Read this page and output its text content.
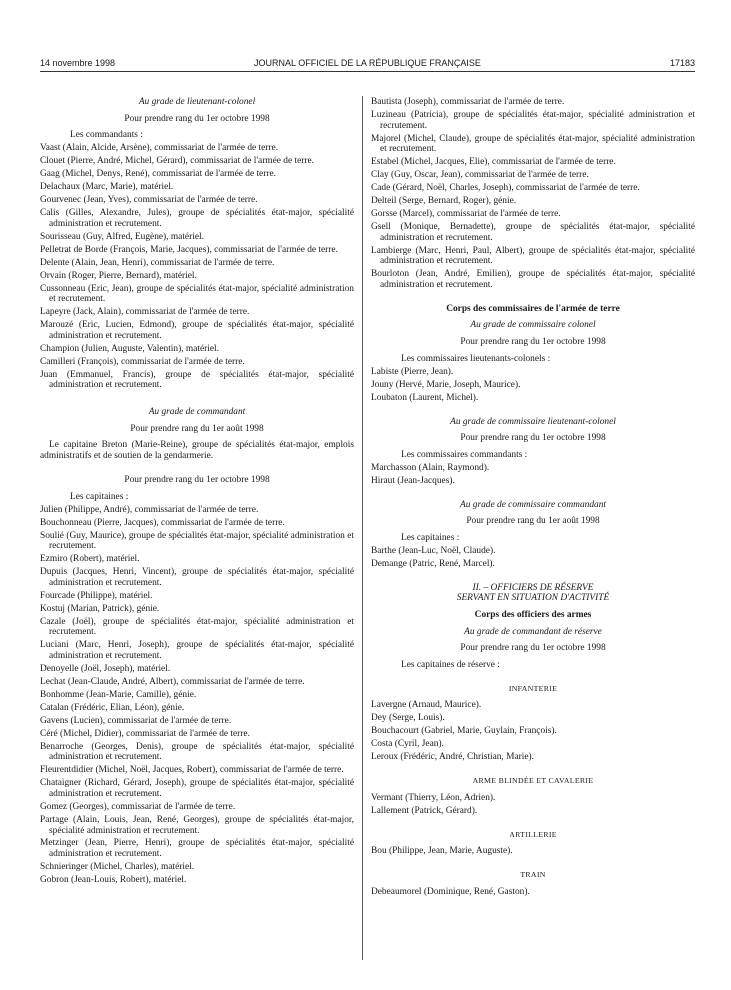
14 novembre 1998	JOURNAL OFFICIEL DE LA RÉPUBLIQUE FRANÇAISE	17183

Au grade de lieutenant-colonel

Pour prendre rang du 1er octobre 1998

Les commandants :

Vaast (Alain, Alcide, Arsène), commissariat de l'armée de terre.

Clouet (Pierre, André, Michel, Gérard), commissariat de l'armée de terre.

Gaag (Michel, Denys, René), commissariat de l'armée de terre.

Delachaux (Marc, Marie), matériel.

Gourvenec (Jean, Yves), commissariat de l'armée de terre.

Calis (Gilles, Alexandre, Jules), groupe de spécialités état-major, spécialité administration et recrutement.

Sourisseau (Guy, Alfred, Eugène), matériel.

Pelletrat de Borde (François, Marie, Jacques), commissariat de l'armée de terre.

Delente (Alain, Jean, Henri), commissariat de l'armée de terre.

Orvain (Roger, Pierre, Bernard), matériel.

Cussonneau (Eric, Jean), groupe de spécialités état-major, spécialité administration et recrutement.

Lapeyre (Jack, Alain), commissariat de l'armée de terre.

Marouzé (Eric, Lucien, Edmond), groupe de spécialités état-major, spécialité administration et recrutement.

Champion (Julien, Auguste, Valentin), matériel.

Camilleri (François), commissariat de l'armée de terre.

Juan (Emmanuel, Francis), groupe de spécialités état-major, spécialité administration et recrutement.

Au grade de commandant

Pour prendre rang du 1er août 1998

Le capitaine Breton (Marie-Reine), groupe de spécialités état-major, emplois administratifs et de soutien de la gendarmerie.

Pour prendre rang du 1er octobre 1998

Les capitaines :

Julien (Philippe, André), commissariat de l'armée de terre.

Bouchonneau (Pierre, Jacques), commissariat de l'armée de terre.

Soulié (Guy, Maurice), groupe de spécialités état-major, spécialité administration et recrutement.

Ezmiro (Robert), matériel.

Dupuis (Jacques, Henri, Vincent), groupe de spécialités état-major, spécialité administration et recrutement.

Fourcade (Philippe), matériel.

Kostuj (Marian, Patrick), génie.

Cazale (Joël), groupe de spécialités état-major, spécialité administration et recrutement.

Luciani (Marc, Henri, Joseph), groupe de spécialités état-major, spécialité administration et recrutement.

Denoyelle (Joël, Joseph), matériel.

Lechat (Jean-Claude, André, Albert), commissariat de l'armée de terre.

Bonhomme (Jean-Marie, Camille), génie.

Catalan (Frédéric, Elian, Léon), génie.

Gavens (Lucien), commissariat de l'armée de terre.

Céré (Michel, Didier), commissariat de l'armée de terre.

Benarroche (Georges, Denis), groupe de spécialités état-major, spécialité administration et recrutement.

Fleurentdidier (Michel, Noël, Jacques, Robert), commissariat de l'armée de terre.

Chataigner (Richard, Gérard, Joseph), groupe de spécialités état-major, spécialité administration et recrutement.

Gomez (Georges), commissariat de l'armée de terre.

Partage (Alain, Louis, Jean, René, Georges), groupe de spécialités état-major, spécialité administration et recrutement.

Metzinger (Jean, Pierre, Henri), groupe de spécialités état-major, spécialité administration et recrutement.

Schnieringer (Michel, Charles), matériel.

Gobron (Jean-Louis, Robert), matériel.

Bautista (Joseph), commissariat de l'armée de terre.

Luzineau (Patricia), groupe de spécialités état-major, spécialité administration et recrutement.

Majorel (Michel, Claude), groupe de spécialités état-major, spécialité administration et recrutement.

Estabel (Michel, Jacques, Elie), commissariat de l'armée de terre.

Clay (Guy, Oscar, Jean), commissariat de l'armée de terre.

Cade (Gérard, Noël, Charles, Joseph), commissariat de l'armée de terre.

Delteil (Serge, Bernard, Roger), génie.

Gorsse (Marcel), commissariat de l'armée de terre.

Gsell (Monique, Bernadette), groupe de spécialités état-major, spécialité administration et recrutement.

Lambierge (Marc, Henri, Paul, Albert), groupe de spécialités état-major, spécialité administration et recrutement.

Bourloton (Jean, André, Emilien), groupe de spécialités état-major, spécialité administration et recrutement.

Corps des commissaires de l'armée de terre

Au grade de commissaire colonel

Pour prendre rang du 1er octobre 1998

Les commissaires lieutenants-colonels :

Labiste (Pierre, Jean).

Jouny (Hervé, Marie, Joseph, Maurice).

Loubaton (Laurent, Michel).

Au grade de commissaire lieutenant-colonel

Pour prendre rang du 1er octobre 1998

Les commissaires commandants :

Marchasson (Alain, Raymond).

Hiraut (Jean-Jacques).

Au grade de commissaire commandant

Pour prendre rang du 1er août 1998

Les capitaines :

Barthe (Jean-Luc, Noël, Claude).

Demange (Patric, René, Marcel).

II. – OFFICIERS DE RÉSERVE

SERVANT EN SITUATION D'ACTIVITÉ

Corps des officiers des armes

Au grade de commandant de réserve

Pour prendre rang du 1er octobre 1998

Les capitaines de réserve :

INFANTERIE

Lavergne (Arnaud, Maurice).

Dey (Serge, Louis).

Bouchacourt (Gabriel, Marie, Guylain, François).

Costa (Cyril, Jean).

Leroux (Frédéric, André, Christian, Marie).

ARME BLINDÉE ET CAVALERIE

Vermant (Thierry, Léon, Adrien).

Lallement (Patrick, Gérard).

ARTILLERIE

Bou (Philippe, Jean, Marie, Auguste).

TRAIN

Debeaumorel (Dominique, René, Gaston).
